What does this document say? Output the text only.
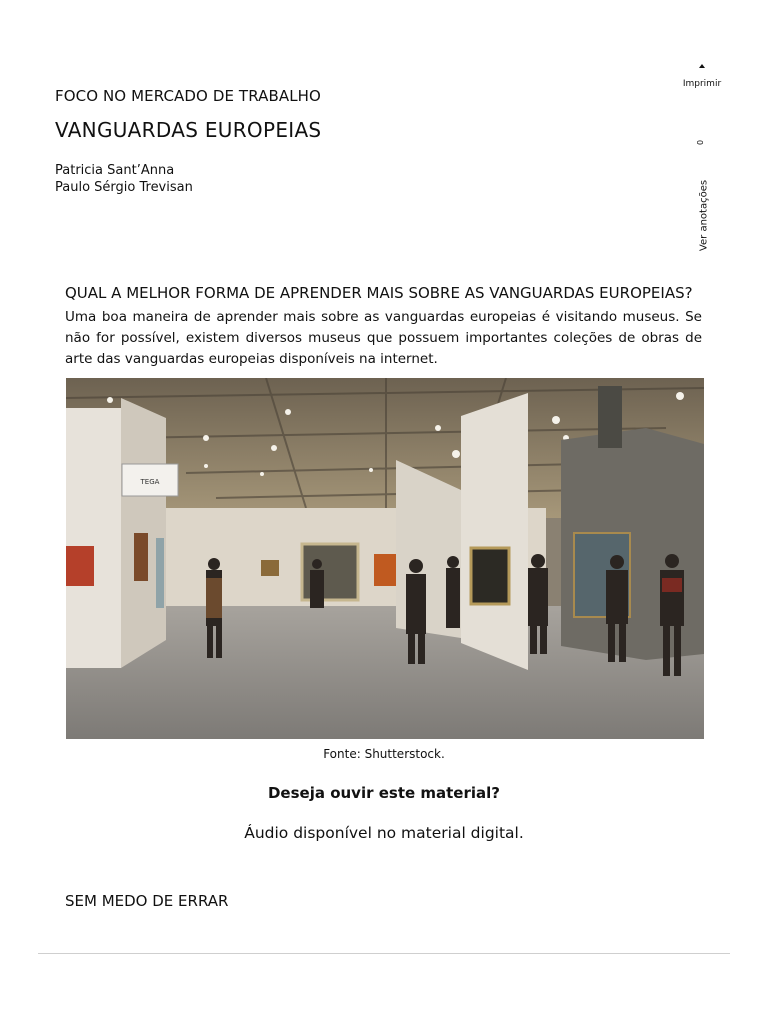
Imprimir
0
Ver anotações
FOCO NO MERCADO DE TRABALHO
VANGUARDAS EUROPEIAS
Patricia Sant’Anna
Paulo Sérgio Trevisan
QUAL A MELHOR FORMA DE APRENDER MAIS SOBRE AS VANGUARDAS EUROPEIAS?
Uma boa maneira de aprender mais sobre as vanguardas europeias é visitando museus. Se não for possível, existem diversos museus que possuem importantes coleções de obras de arte das vanguardas europeias disponíveis na internet.
TEGA
Fonte: Shutterstock.
Deseja ouvir este material?
Áudio disponível no material digital.
SEM MEDO DE ERRAR
